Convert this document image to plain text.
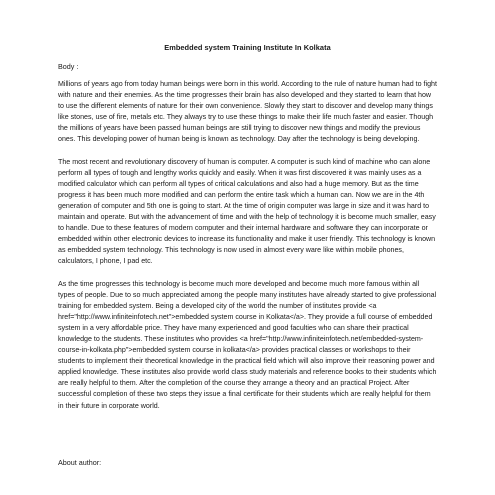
Embedded system Training Institute In Kolkata

Body :

Millions of years ago from today human beings were born in this world. According to the rule of nature human had to fight with nature and their enemies. As the time progresses their brain has also developed and they started to learn that how to use the different elements of nature for their own convenience. Slowly they start to discover and develop many things like stones, use of fire, metals etc. They always try to use these things to make their life much faster and easier. Though the millions of years have been passed human beings are still trying to discover new things and modify the previous ones. This developing power of human being is known as technology. Day after the technology is being developing.

The most recent and revolutionary discovery of human is computer. A computer is such kind of machine who can alone perform all types of tough and lengthy works quickly and easily. When it was first discovered it was mainly uses as a modified calculator which can perform all types of critical calculations and also had a huge memory. But as the time progress it has been much more modified and can perform the entire task which a human can. Now we are in the 4th generation of computer and 5th one is going to start. At the time of origin computer was large in size and it was hard to maintain and operate. But with the advancement of time and with the help of technology it is become much smaller, easy to handle. Due to these features of modern computer and their internal hardware and software they can incorporate or embedded within other electronic devices to increase its functionality and make it user friendly. This technology is known as embedded system technology. This technology is now used in almost every ware like within mobile phones, calculators, I phone, I pad etc.

As the time progresses this technology is become much more developed and become much more famous within all types of people. Due to so much appreciated among the people many institutes have already started to give professional training for embedded system. Being a developed city of the world the number of institutes provide <a href="http://www.infiniteinfotech.net">embedded system course in Kolkata</a>. They provide a full course of embedded system in a very affordable price. They have many experienced and good faculties who can share their practical knowledge to the students. These institutes who provides <a href="http://www.infiniteinfotech.net/embedded-system-course-in-kolkata.php">embedded system course in kolkata</a> provides practical classes or workshops to their students to implement their theoretical knowledge in the practical field which will also improve their reasoning power and applied knowledge. These institutes also provide world class study materials and reference books to their students which are really helpful to them. After the completion of the course they arrange a theory and an practical Project. After successful completion of these two steps they issue a final certificate for their students which are really helpful for them in their future in corporate world.

About author:
